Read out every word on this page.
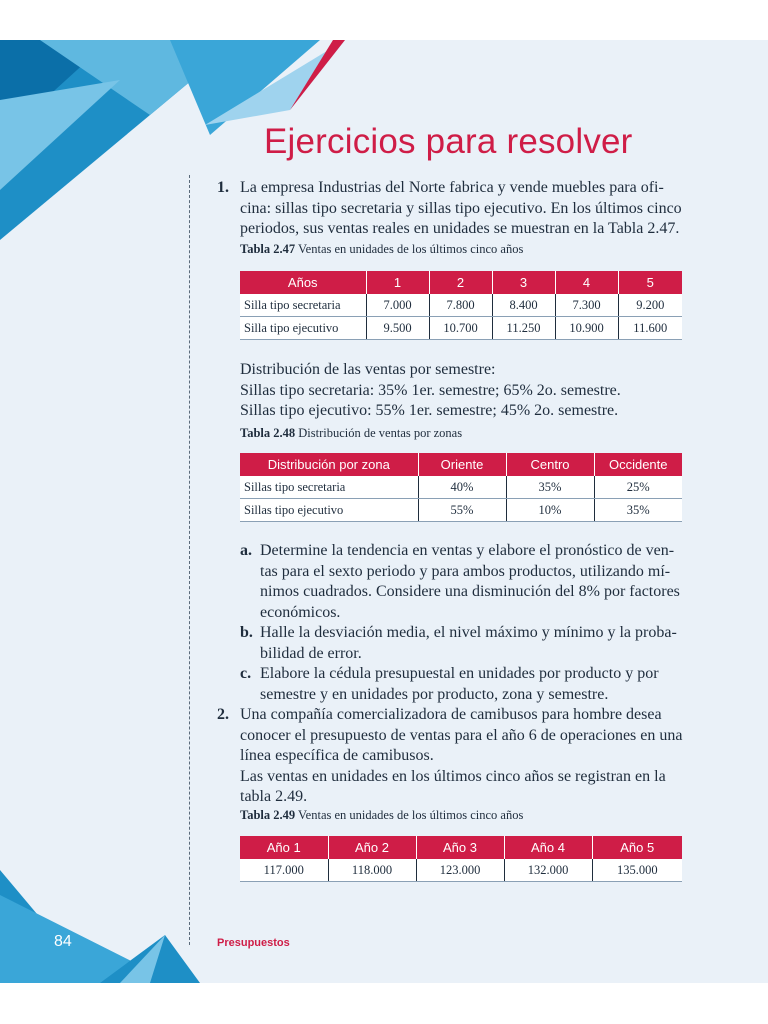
Ejercicios para resolver
1. La empresa Industrias del Norte fabrica y vende muebles para ofi-
cina: sillas tipo secretaria y sillas tipo ejecutivo. En los últimos cinco
periodos, sus ventas reales en unidades se muestran en la Tabla 2.47.

Tabla 2.47 Ventas en unidades de los últimos cinco años

Años	1	2	3	4	5
Silla tipo secretaria	7.000	7.800	8.400	7.300	9.200
Silla tipo ejecutivo	9.500	10.700	11.250	10.900	11.600

Distribución de las ventas por semestre:
Sillas tipo secretaria: 35% 1er. semestre; 65% 2o. semestre.
Sillas tipo ejecutivo: 55% 1er. semestre; 45% 2o. semestre.

Tabla 2.48 Distribución de ventas por zonas

Distribución por zona	Oriente	Centro	Occidente
Sillas tipo secretaria	40%	35%	25%
Sillas tipo ejecutivo	55%	10%	35%
a. Determine la tendencia en ventas y elabore el pronóstico de ven-
tas para el sexto periodo y para ambos productos, utilizando mí-
nimos cuadrados. Considere una disminución del 8% por factores
económicos.

b. Halle la desviación media, el nivel máximo y mínimo y la proba-
bilidad de error.

c. Elabore la cédula presupuestal en unidades por producto y por
semestre y en unidades por producto, zona y semestre.

2. Una compañía comercializadora de camibusos para hombre desea
conocer el presupuesto de ventas para el año 6 de operaciones en una
línea específica de camibusos.
Las ventas en unidades en los últimos cinco años se registran en la
tabla 2.49.

Tabla 2.49 Ventas en unidades de los últimos cinco años

Año 1	Año 2	Año 3	Año 4	Año 5
117.000	118.000	123.000	132.000	135.000
84	Presupuestos
